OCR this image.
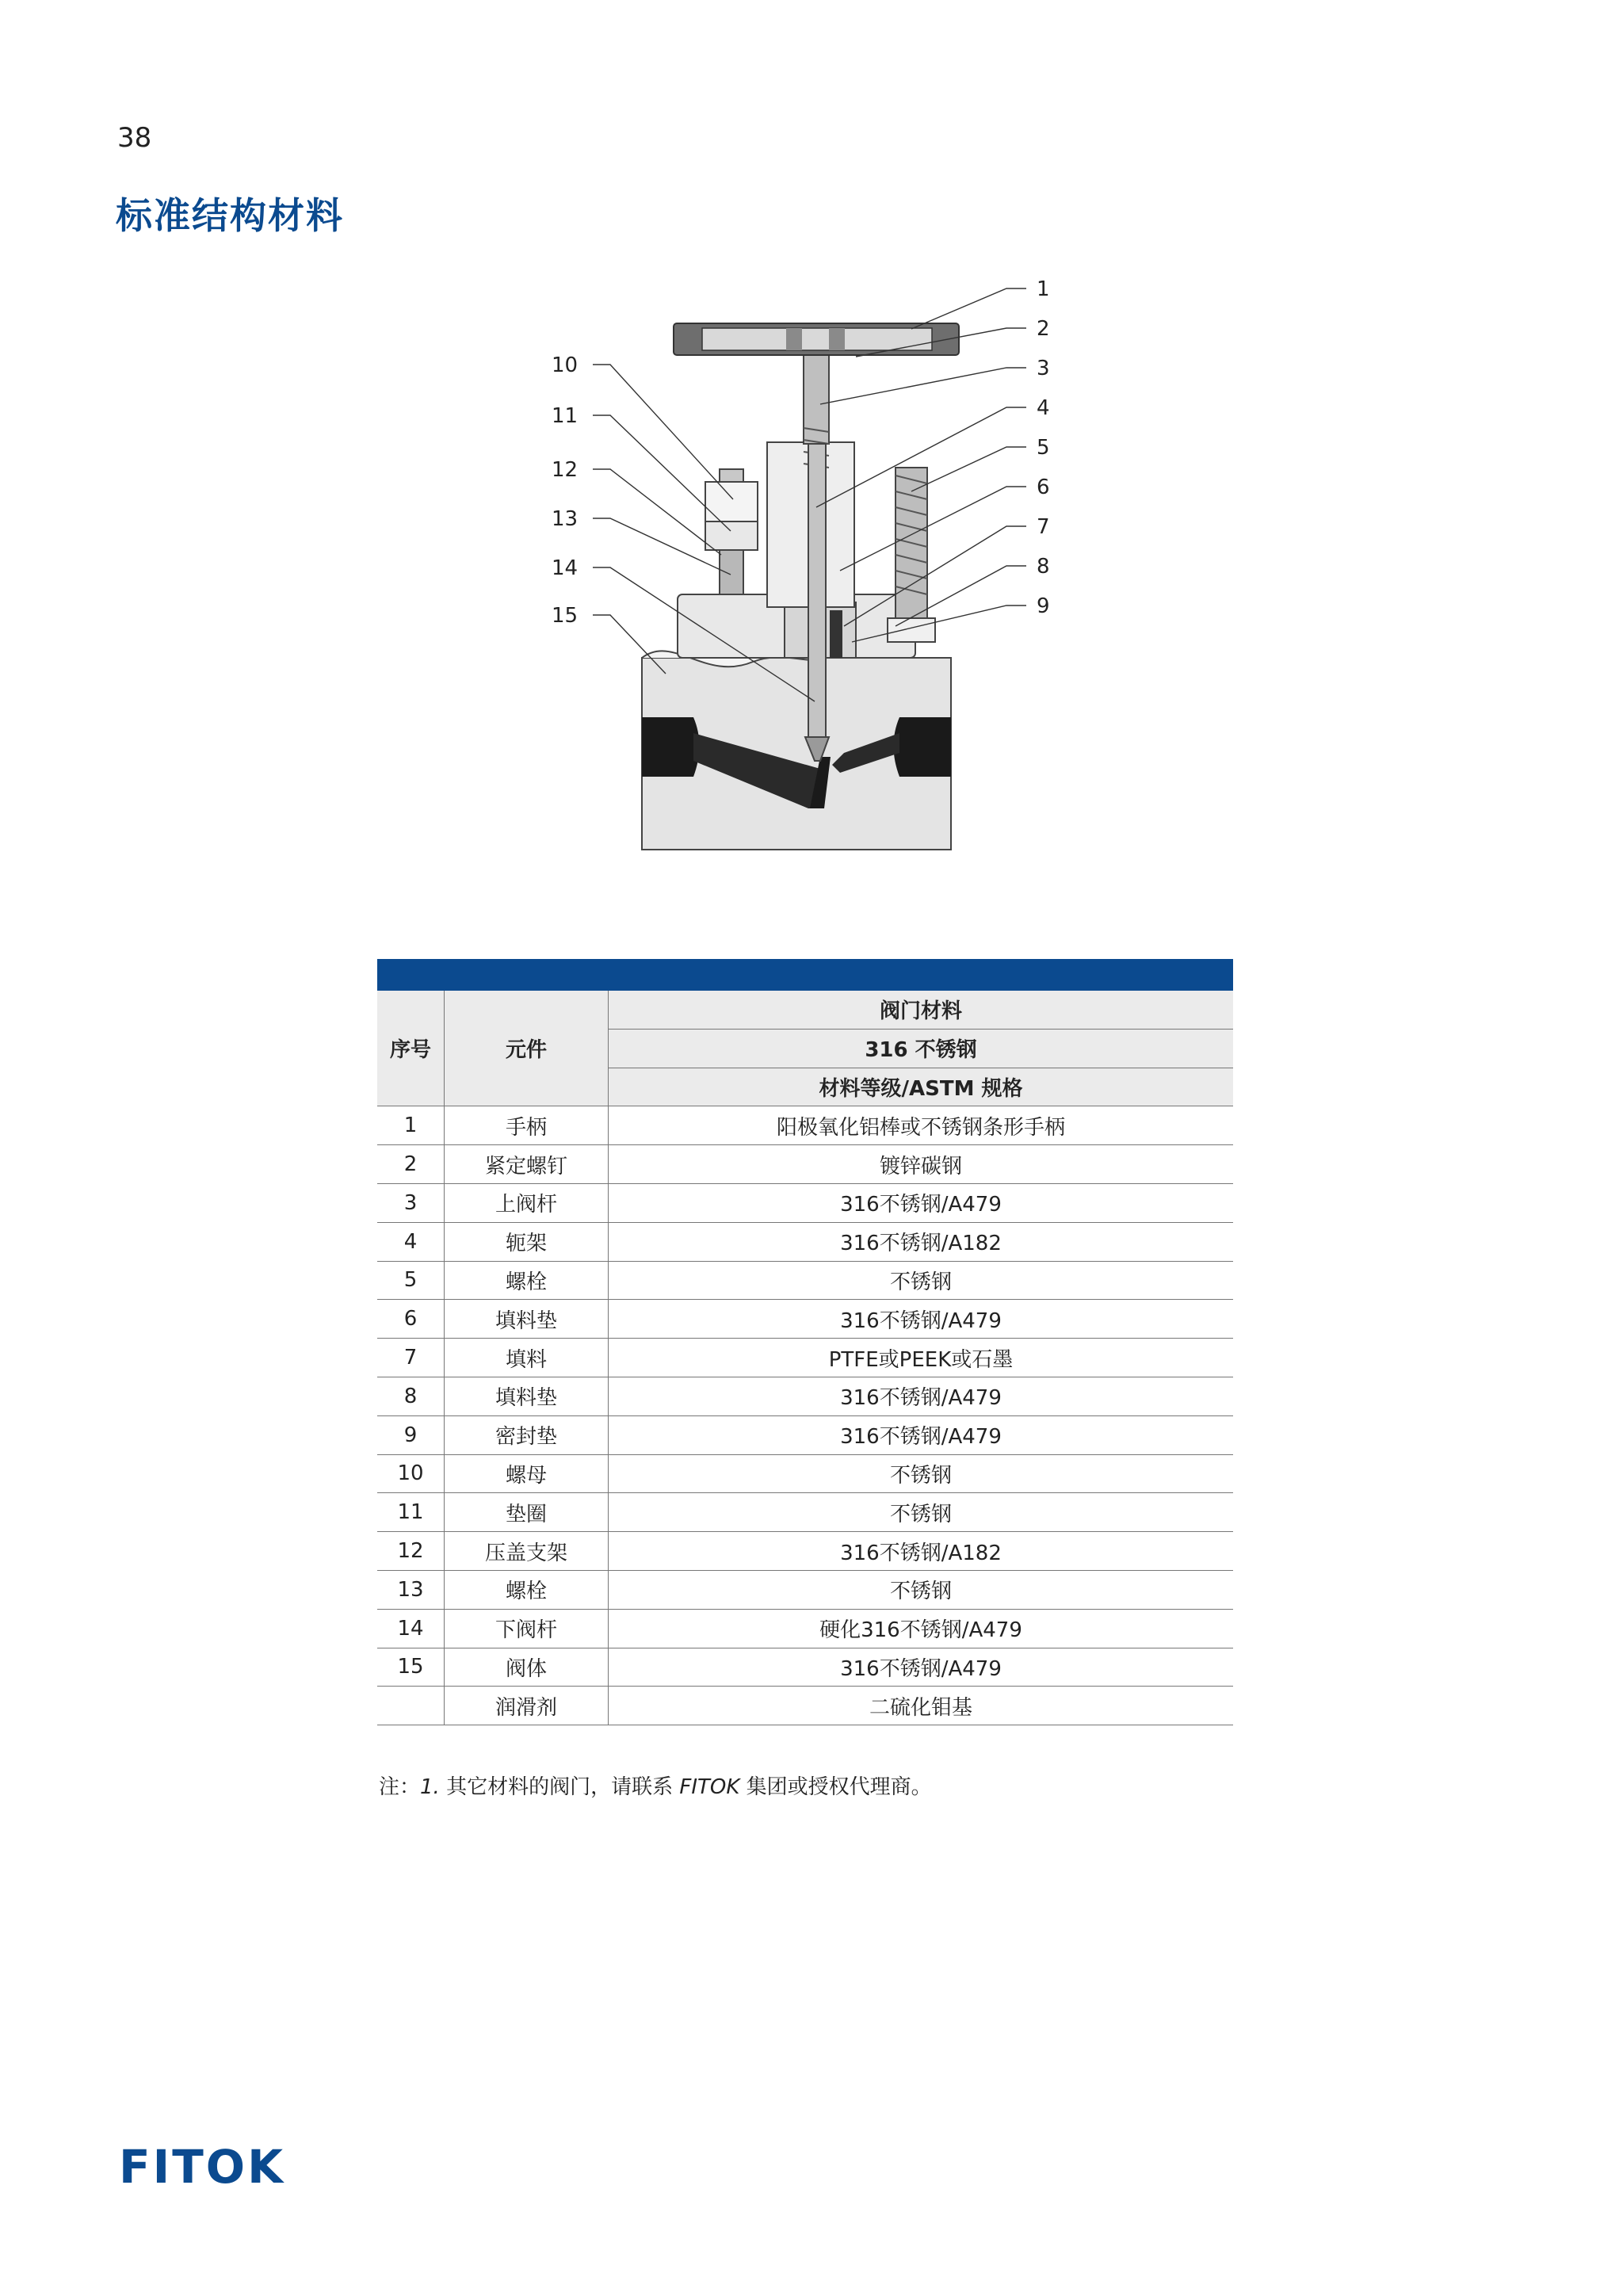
38
标准结构材料
1
2
3
4
5
6
7
8
9
10
11
12
13
14
15
序号	元件	阀门材料
		316 不锈钢
		材料等级/ASTM 规格
1	手柄	阳极氧化铝棒或不锈钢条形手柄
2	紧定螺钉	镀锌碳钢
3	上阀杆	316不锈钢/A479
4	轭架	316不锈钢/A182
5	螺栓	不锈钢
6	填料垫	316不锈钢/A479
7	填料	PTFE或PEEK或石墨
8	填料垫	316不锈钢/A479
9	密封垫	316不锈钢/A479
10	螺母	不锈钢
11	垫圈	不锈钢
12	压盖支架	316不锈钢/A182
13	螺栓	不锈钢
14	下阀杆	硬化316不锈钢/A479
15	阀体	316不锈钢/A479
	润滑剂	二硫化钼基
注：1. 其它材料的阀门，请联系 FITOK 集团或授权代理商。
FITOK
